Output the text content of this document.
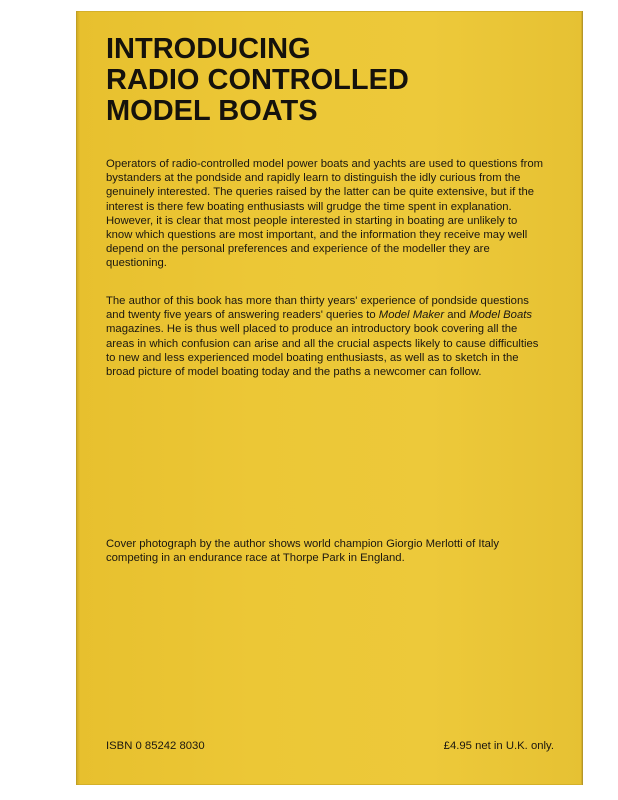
INTRODUCING
RADIO CONTROLLED
MODEL BOATS

Operators of radio-controlled model power boats and yachts are used to questions from bystanders at the pondside and rapidly learn to distinguish the idly curious from the genuinely interested. The queries raised by the latter can be quite extensive, but if the interest is there few boating enthusiasts will grudge the time spent in explanation. However, it is clear that most people interested in starting in boating are unlikely to know which questions are most important, and the information they receive may well depend on the personal preferences and experience of the modeller they are questioning.

The author of this book has more than thirty years' experience of pondside questions and twenty five years of answering readers' queries to Model Maker and Model Boats magazines. He is thus well placed to produce an introductory book covering all the areas in which confusion can arise and all the crucial aspects likely to cause difficulties to new and less experienced model boating enthusiasts, as well as to sketch in the broad picture of model boating today and the paths a newcomer can follow.

Cover photograph by the author shows world champion Giorgio Merlotti of Italy competing in an endurance race at Thorpe Park in England.

ISBN 0 85242 8030	£4.95 net in U.K. only.
